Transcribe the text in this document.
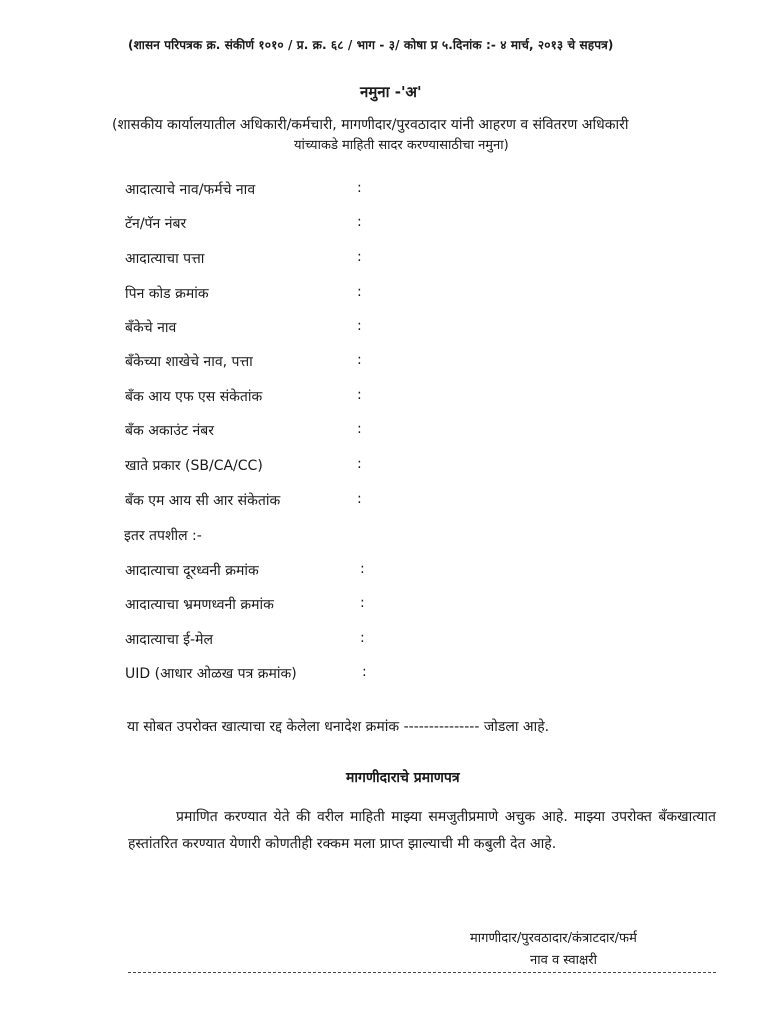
(शासन परिपत्रक क्र. संकीर्ण १०१० / प्र. क्र. ६८ / भाग - ३/ कोषा प्र ५.दिनांक :- ४ मार्च, २०१३ चे सहपत्र)
नमुना -'अ'
(शासकीय कार्यालयातील अधिकारी/कर्मचारी, मागणीदार/पुरवठादार यांनी आहरण व संवितरण अधिकारी
यांच्याकडे माहिती सादर करण्यासाठीचा नमुना)
आदात्याचे नाव/फर्मचे नाव	:
टॅन/पॅन नंबर	:
आदात्याचा पत्ता	:
पिन कोड क्रमांक	:
बँकेचे नाव	:
बँकेच्या शाखेचे नाव, पत्ता	:
बँक आय एफ एस संकेतांक	:
बँक अकाउंट नंबर	:
खाते प्रकार (SB/CA/CC)	:
बँक एम आय सी आर संकेतांक	:
इतर तपशील :-
आदात्याचा दूरध्वनी क्रमांक	:
आदात्याचा भ्रमणध्वनी क्रमांक	:
आदात्याचा ई-मेल	:
UID (आधार ओळख पत्र क्रमांक)	:
या सोबत उपरोक्त खात्याचा रद्द केलेला धनादेश क्रमांक --------------- जोडला आहे.
मागणीदाराचे प्रमाणपत्र
प्रमाणित करण्यात येते की वरील माहिती माझ्या समजुतीप्रमाणे अचुक आहे. माझ्या उपरोक्त बँकखात्यात हस्तांतरित करण्यात येणारी कोणतीही रक्कम मला प्राप्त झाल्याची मी कबुली देत आहे.
मागणीदार/पुरवठादार/कंत्राटदार/फर्म
नाव व स्वाक्षरी
